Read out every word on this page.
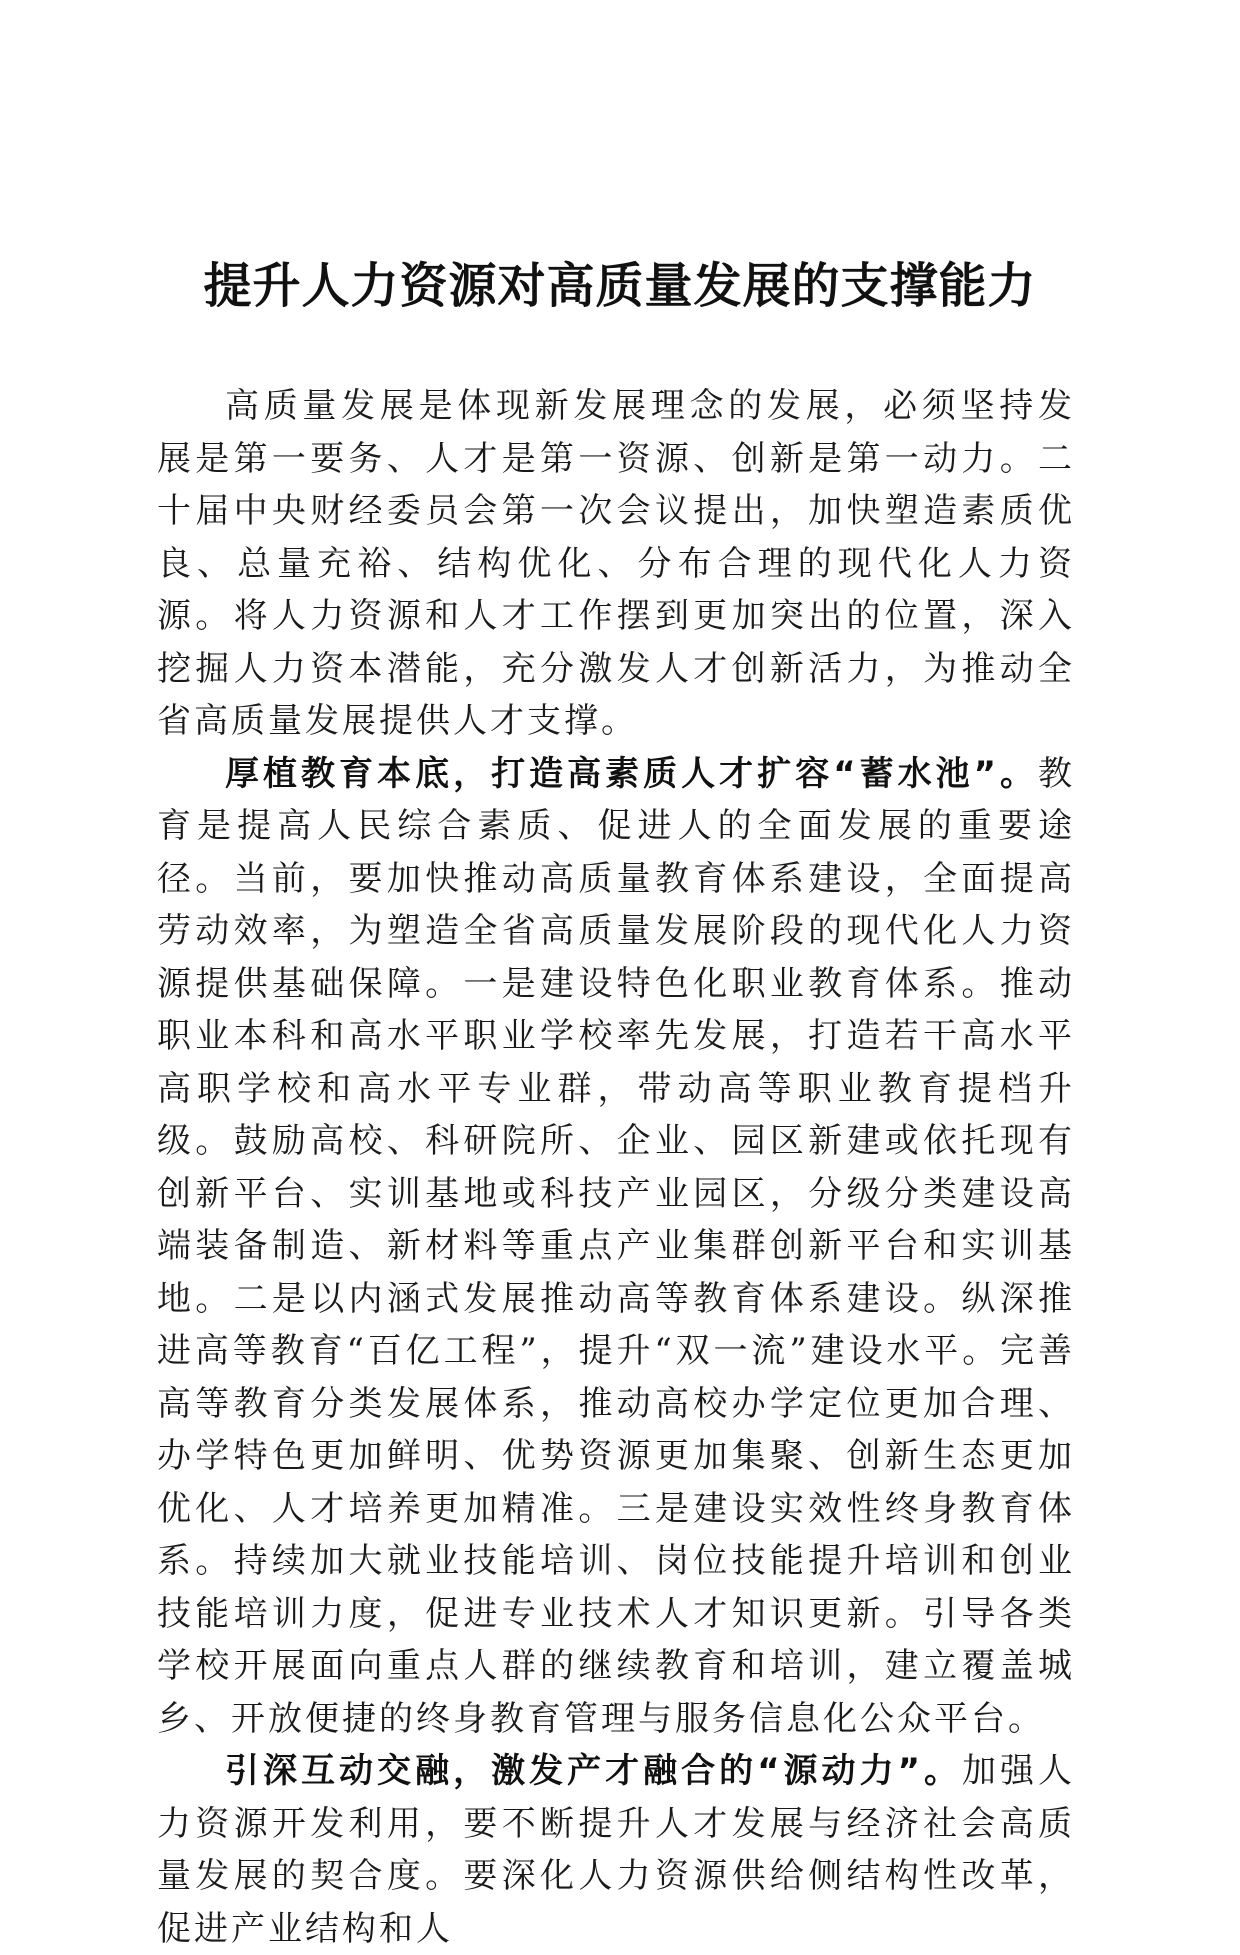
提升人力资源对高质量发展的支撑能力

高质量发展是体现新发展理念的发展，必须坚持发展是第一要务、人才是第一资源、创新是第一动力。二十届中央财经委员会第一次会议提出，加快塑造素质优良、总量充裕、结构优化、分布合理的现代化人力资源。将人力资源和人才工作摆到更加突出的位置，深入挖掘人力资本潜能，充分激发人才创新活力，为推动全省高质量发展提供人才支撑。

厚植教育本底，打造高素质人才扩容“蓄水池”。教育是提高人民综合素质、促进人的全面发展的重要途径。当前，要加快推动高质量教育体系建设，全面提高劳动效率，为塑造全省高质量发展阶段的现代化人力资源提供基础保障。一是建设特色化职业教育体系。推动职业本科和高水平职业学校率先发展，打造若干高水平高职学校和高水平专业群，带动高等职业教育提档升级。鼓励高校、科研院所、企业、园区新建或依托现有创新平台、实训基地或科技产业园区，分级分类建设高端装备制造、新材料等重点产业集群创新平台和实训基地。二是以内涵式发展推动高等教育体系建设。纵深推进高等教育“百亿工程”，提升“双一流”建设水平。完善高等教育分类发展体系，推动高校办学定位更加合理、办学特色更加鲜明、优势资源更加集聚、创新生态更加优化、人才培养更加精准。三是建设实效性终身教育体系。持续加大就业技能培训、岗位技能提升培训和创业技能培训力度，促进专业技术人才知识更新。引导各类学校开展面向重点人群的继续教育和培训，建立覆盖城乡、开放便捷的终身教育管理与服务信息化公众平台。

引深互动交融，激发产才融合的“源动力”。加强人力资源开发利用，要不断提升人才发展与经济社会高质量发展的契合度。要深化人力资源供给侧结构性改革，促进产业结构和人
